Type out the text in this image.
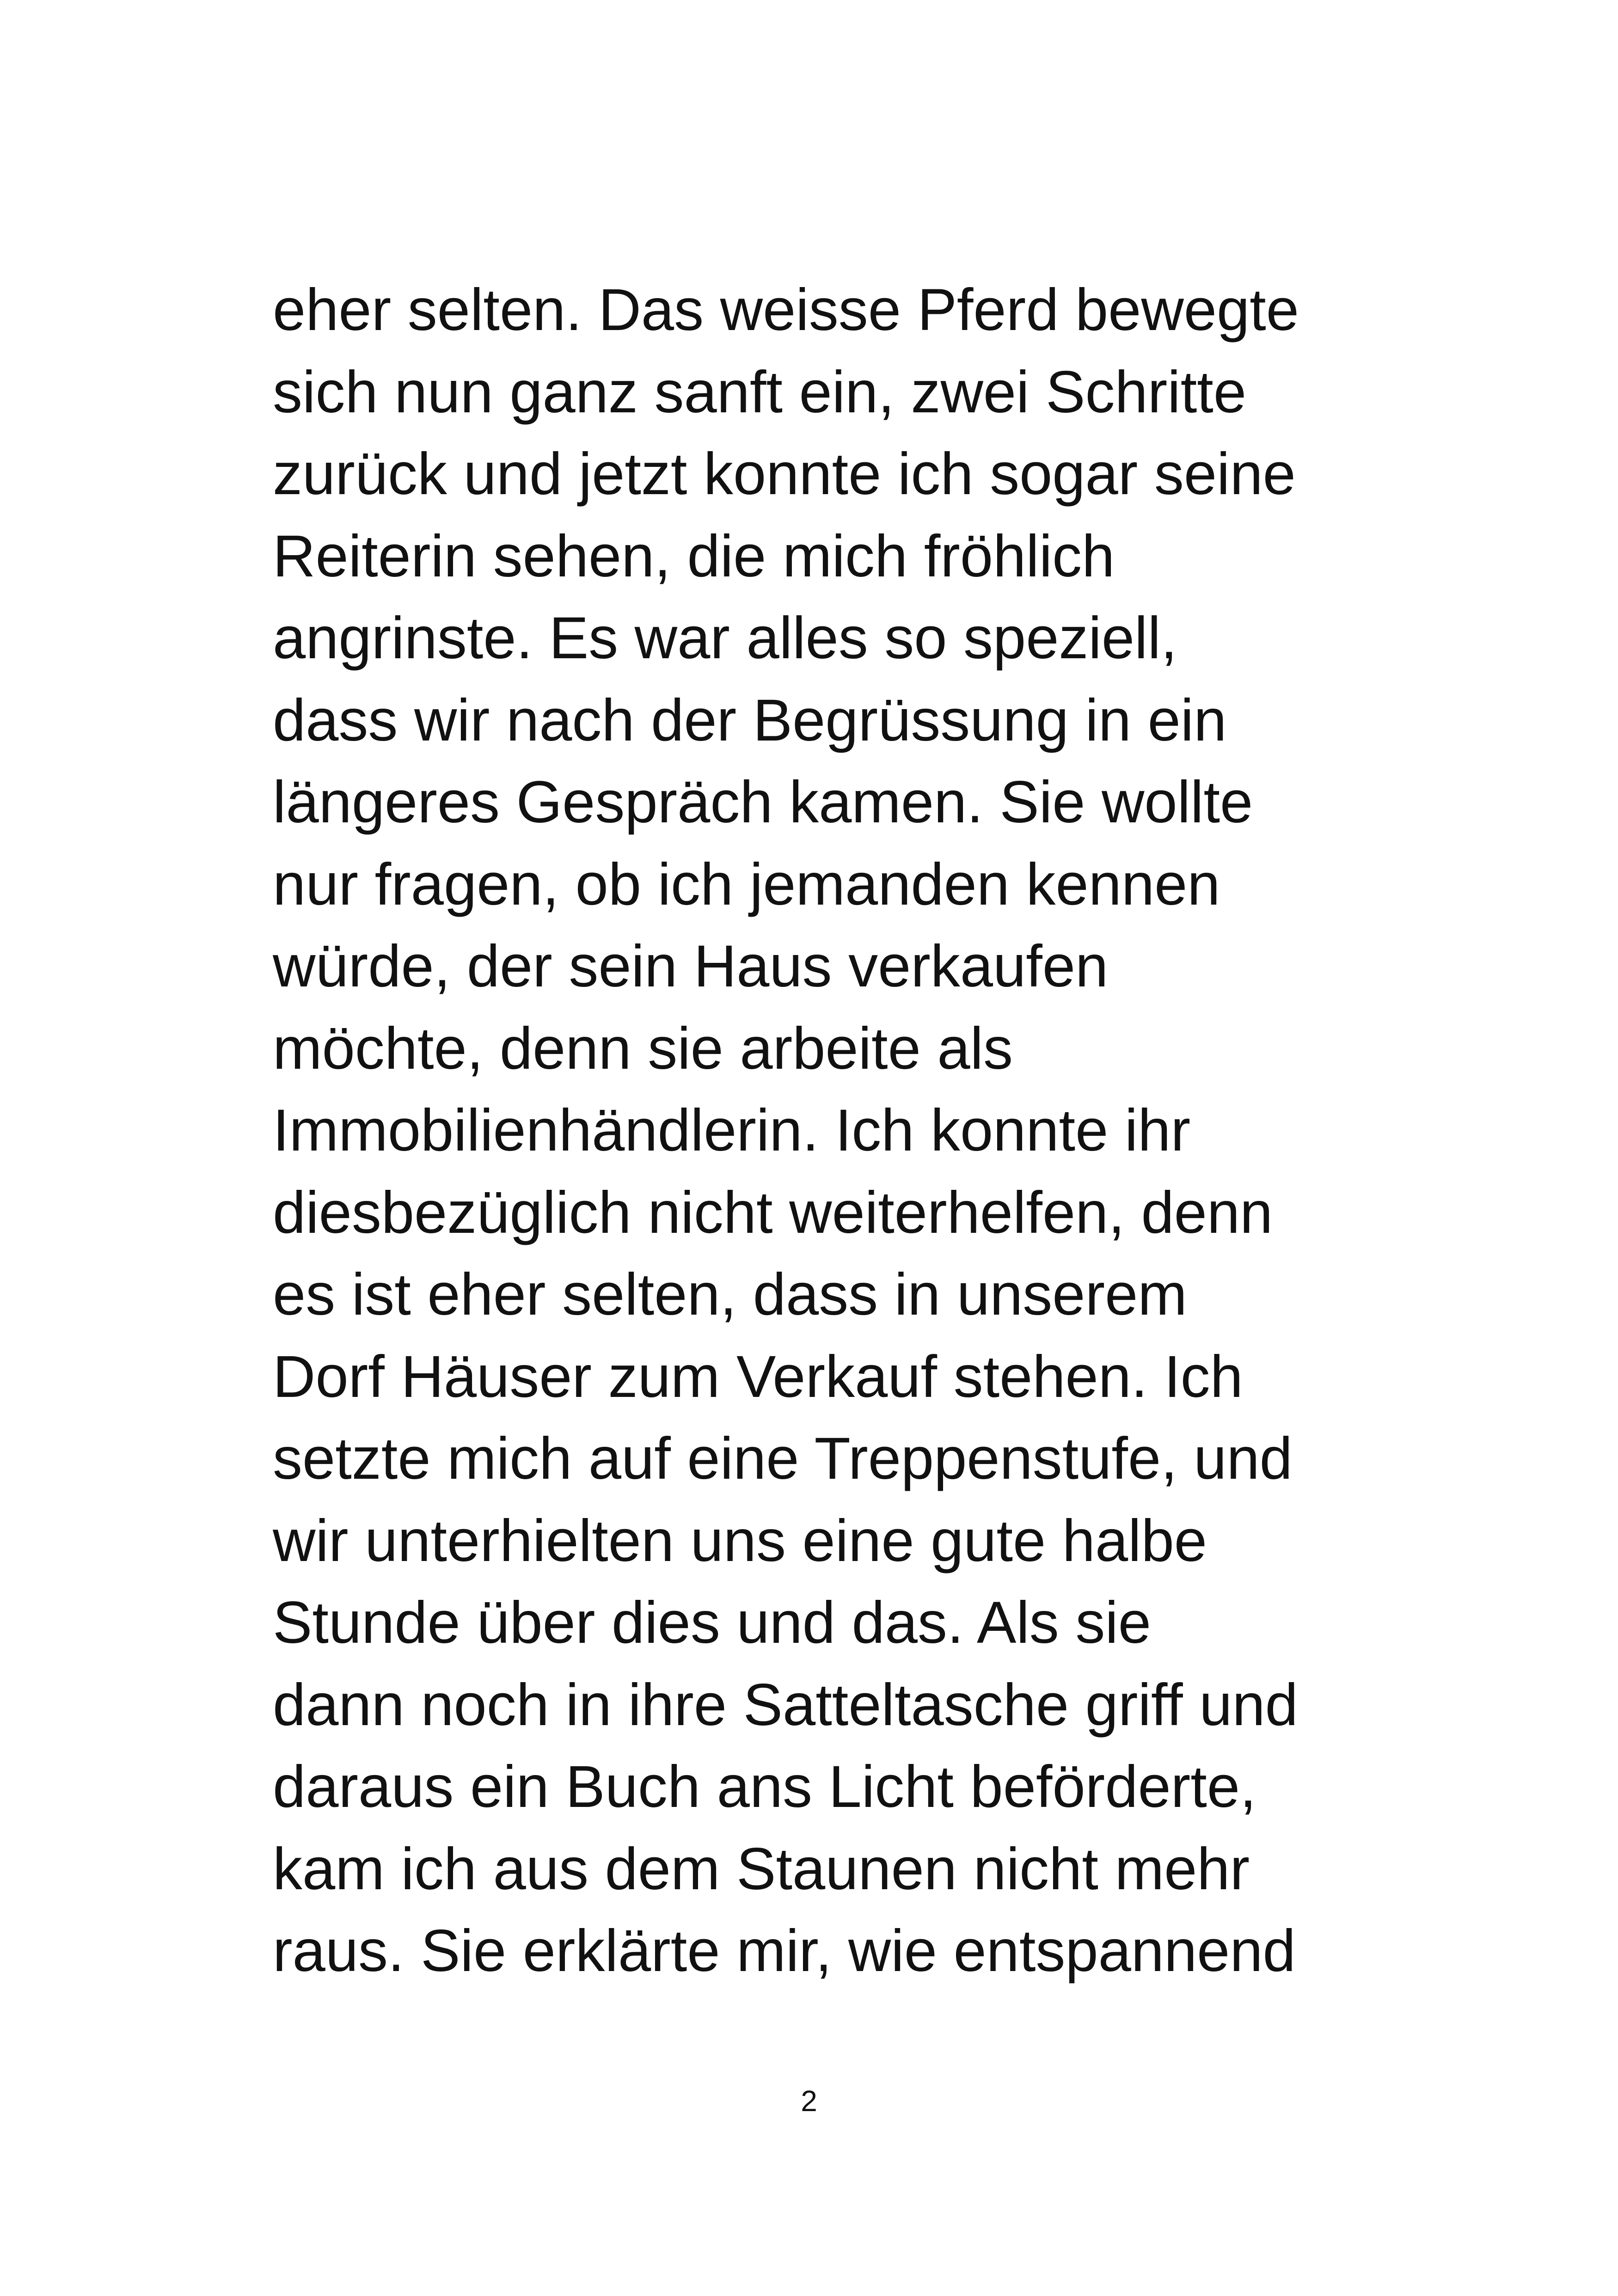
eher selten. Das weisse Pferd bewegte
sich nun ganz sanft ein, zwei Schritte
zurück und jetzt konnte ich sogar seine
Reiterin sehen, die mich fröhlich
angrinste. Es war alles so speziell,
dass wir nach der Begrüssung in ein
längeres Gespräch kamen. Sie wollte
nur fragen, ob ich jemanden kennen
würde, der sein Haus verkaufen
möchte, denn sie arbeite als
Immobilienhändlerin. Ich konnte ihr
diesbezüglich nicht weiterhelfen, denn
es ist eher selten, dass in unserem
Dorf Häuser zum Verkauf stehen. Ich
setzte mich auf eine Treppenstufe, und
wir unterhielten uns eine gute halbe
Stunde über dies und das. Als sie
dann noch in ihre Satteltasche griff und
daraus ein Buch ans Licht beförderte,
kam ich aus dem Staunen nicht mehr
raus. Sie erklärte mir, wie entspannend
2
